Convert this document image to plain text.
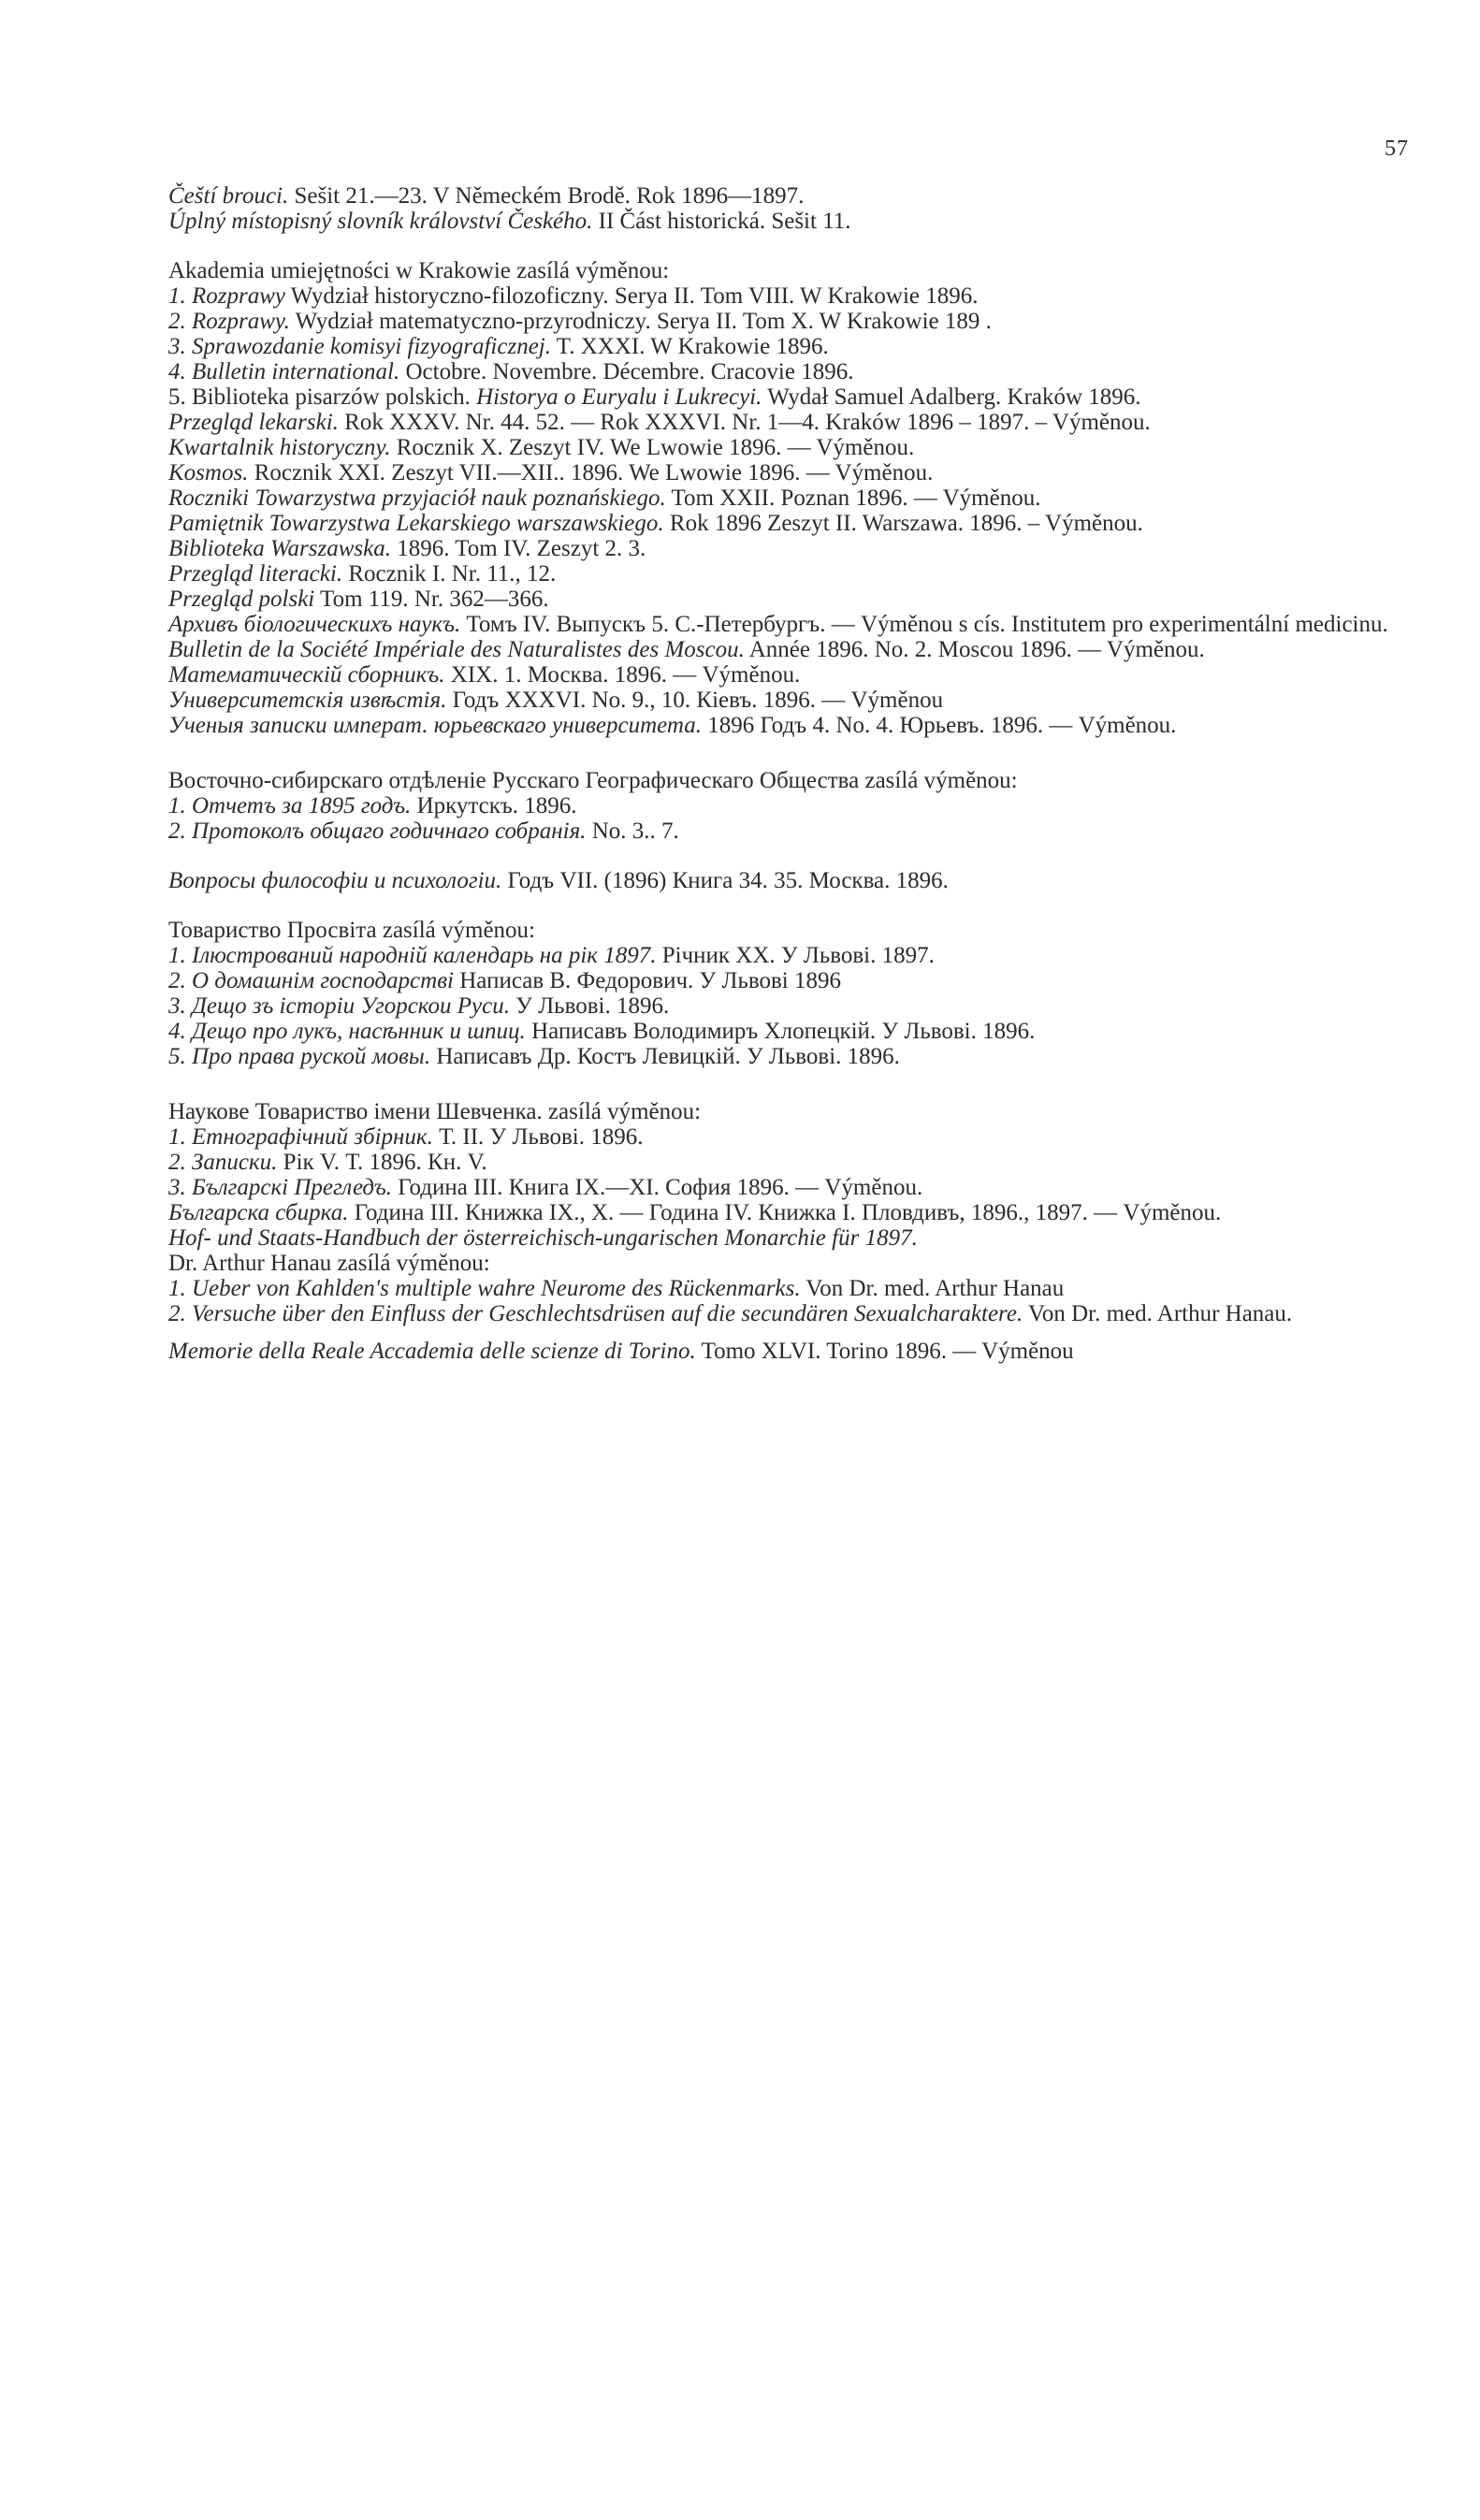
57

Čeští brouci. Sešit 21.—23. V Německém Brodě. Rok 1896—1897.

Úplný místopisný slovník království Českého. II Část historická. Sešit 11.

Akademia umiejętności w Krakowie zasílá výměnou:

1. Rozprawy Wydział historyczno-filozoficzny. Serya II. Tom VIII. W Krakowie 1896.

2. Rozprawy. Wydział matematyczno-przyrodniczy. Serya II. Tom X. W Krakowie 189 .

3. Sprawozdanie komisyi fizyograficznej. T. XXXI. W Krakowie 1896.

4. Bulletin international. Octobre. Novembre. Décembre. Cracovie 1896.

5. Biblioteka pisarzów polskich. Historya o Euryalu i Lukrecyi. Wydał Samuel Adalberg. Kraków 1896.

Przegląd lekarski. Rok XXXV. Nr. 44. 52. — Rok XXXVI. Nr. 1—4. Kraków 1896 – 1897. – Výměnou.

Kwartalnik historyczny. Rocznik X. Zeszyt IV. We Lwowie 1896. — Výměnou.

Kosmos. Rocznik XXI. Zeszyt VII.—XII.. 1896. We Lwowie 1896. — Výměnou.

Roczniki Towarzystwa przyjaciół nauk poznańskiego. Tom XXII. Poznan 1896. — Výměnou.

Pamiętnik Towarzystwa Lekarskiego warszawskiego. Rok 1896 Zeszyt II. Warszawa. 1896. – Výměnou.

Biblioteka Warszawska. 1896. Tom IV. Zeszyt 2. 3.

Przegląd literacki. Rocznik I. Nr. 11., 12.

Przegląd polski Tom 119. Nr. 362—366.

Архивъ біологическихъ наукъ. Томъ IV. Выпускъ 5. С.-Петербургъ. — Výměnou s cís. Institutem pro experimentální medicinu.

Bulletin de la Société Impériale des Naturalistes des Moscou. Année 1896. No. 2. Moscou 1896. — Výměnou.

Математическій сборникъ. XIX. 1. Москва. 1896. — Výměnou.

Университетскія извѣстія. Годъ XXXVI. No. 9., 10. Кіевъ. 1896. — Výměnou

Ученыя записки императ. юрьевскаго университета. 1896 Годъ 4. No. 4. Юрьевъ. 1896. — Výměnou.

Восточно-сибирскаго отдѣленіе Русскаго Географическаго Общества zasílá výměnou:

1. Отчетъ за 1895 годъ. Иркутскъ. 1896.

2. Протоколъ общаго годичнаго собранія. No. 3.. 7.

Вопросы философіи и психологіи. Годъ VII. (1896) Книга 34. 35. Москва. 1896.

Товариство Просвіта zasílá výměnou:

1. Ілюстрований народній календарь на рік 1897. Річник XX. У Львові. 1897.

2. О домашнім господарстві Написав В. Федорович. У Львові 1896

3. Дещо зъ історіи Угорскои Руси. У Львові. 1896.

4. Дещо про лукъ, насѣнник и шпиц. Написавъ Володимиръ Хлопецкій. У Львові. 1896.

5. Про права руской мовы. Написавъ Др. Костъ Левицкій. У Львові. 1896.

Наукове Товариство імени Шевченка. zasílá výměnou:

1. Етнографічний збірник. Т. II. У Львові. 1896.

2. Записки. Рік V. Т. 1896. Кн. V.

3. Българскі Прегледъ. Година III. Книга IX.—XI. София 1896. — Výměnou.

Българска сбирка. Година III. Книжка IX., X. — Година IV. Книжка I. Пловдивъ, 1896., 1897. — Výměnou.

Hof- und Staats-Handbuch der österreichisch-ungarischen Monarchie für 1897.

Dr. Arthur Hanau zasílá výměnou:

1. Ueber von Kahlden's multiple wahre Neurome des Rückenmarks. Von Dr. med. Arthur Hanau

2. Versuche über den Einfluss der Geschlechtsdrüsen auf die secundären Sexualcharaktere. Von Dr. med. Arthur Hanau.

Memorie della Reale Accademia delle scienze di Torino. Tomo XLVI. Torino 1896. — Výměnou
